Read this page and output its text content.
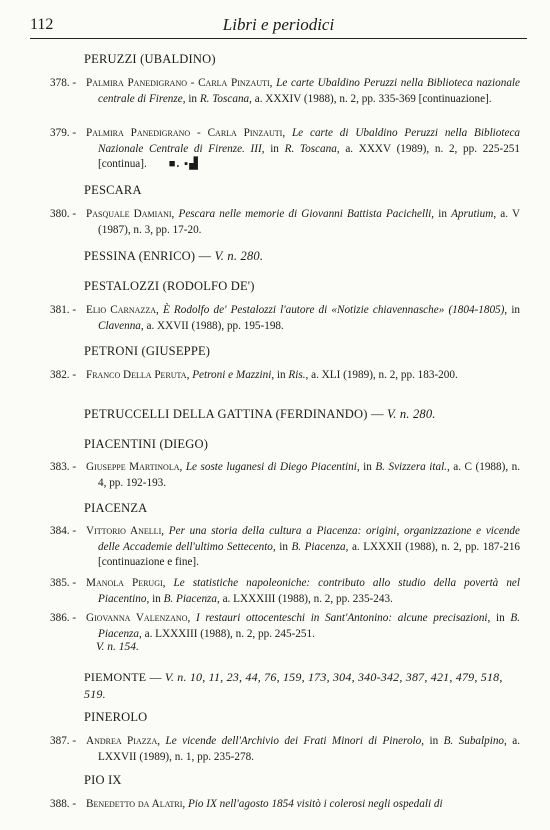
112	Libri e periodici
PERUZZI (UBALDINO)
378. - Palmira Panedigrano - Carla Pinzauti, Le carte Ubaldino Peruzzi nella Biblioteca nazionale centrale di Firenze, in R. Toscana, a. XXXIV (1988), n. 2, pp. 335-369 [continuazione].
379. - Palmira Panedigrano - Carla Pinzauti, Le carte di Ubaldino Peruzzi nella Biblioteca Nazionale Centrale di Firenze. III, in R. Toscana, a. XXXV (1989), n. 2, pp. 225-251 [continua]. ■. ▪▟
PESCARA
380. - Pasquale Damiani, Pescara nelle memorie di Giovanni Battista Pacichelli, in Aprutium, a. V (1987), n. 3, pp. 17-20.
PESSINA (ENRICO) — V. n. 280.
PESTALOZZI (RODOLFO DE')
381. - Elio Carnazza, È Rodolfo de' Pestalozzi l'autore di «Notizie chiavennasche» (1804-1805), in Clavenna, a. XXVII (1988), pp. 195-198.
PETRONI (GIUSEPPE)
382. - Franco Della Peruta, Petroni e Mazzini, in Ris., a. XLI (1989), n. 2, pp. 183-200.
PETRUCCELLI DELLA GATTINA (FERDINANDO) — V. n. 280.
PIACENTINI (DIEGO)
383. - Giuseppe Martinola, Le soste luganesi di Diego Piacentini, in B. Svizzera ital., a. C (1988), n. 4, pp. 192-193.
PIACENZA
384. - Vittorio Anelli, Per una storia della cultura a Piacenza: origini, organizzazione e vicende delle Accademie dell'ultimo Settecento, in B. Piacenza, a. LXXXII (1988), n. 2, pp. 187-216 [continuazione e fine].
385. - Manola Perugi, Le statistiche napoleoniche: contributo allo studio della povertà nel Piacentino, in B. Piacenza, a. LXXXIII (1988), n. 2, pp. 235-243.
386. - Giovanna Valenzano, I restauri ottocenteschi in Sant'Antonino: alcune precisazioni, in B. Piacenza, a. LXXXIII (1988), n. 2, pp. 245-251.
V. n. 154.
PIEMONTE — V. n. 10, 11, 23, 44, 76, 159, 173, 304, 340-342, 387, 421, 479, 518, 519.
PINEROLO
387. - Andrea Piazza, Le vicende dell'Archivio dei Frati Minori di Pinerolo, in B. Subalpino, a. LXXVII (1989), n. 1, pp. 235-278.
PIO IX
388. - Benedetto da Alatri, Pio IX nell'agosto 1854 visitò i colerosi negli ospedali di
